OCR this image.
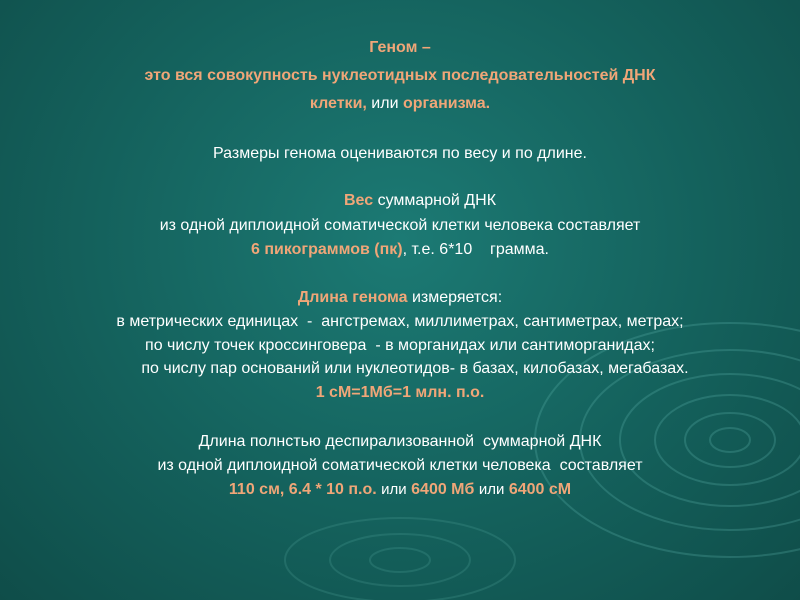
Геном –
это вся совокупность нуклеотидных последовательностей ДНК
клетки, или организма.
Размеры генома оцениваются по весу и по длине.
Вес суммарной ДНК
из одной диплоидной соматической клетки человека составляет
6 пикограммов (пк), т.е. 6*10    грамма.
Длина генома измеряется:
в метрических единицах  -  ангстремах, миллиметрах, сантиметрах, метрах;
по числу точек кроссинговера  - в морганидах или сантиморганидах;
по числу пар оснований или нуклеотидов- в базах, килобазах, мегабазах.
1 сМ=1Мб=1 млн. п.о.
Длина полнстью деспирализованной  суммарной ДНК
из одной диплоидной соматической клетки человека  составляет
110 см, 6.4 * 10 п.о. или 6400 Мб или 6400 сМ
